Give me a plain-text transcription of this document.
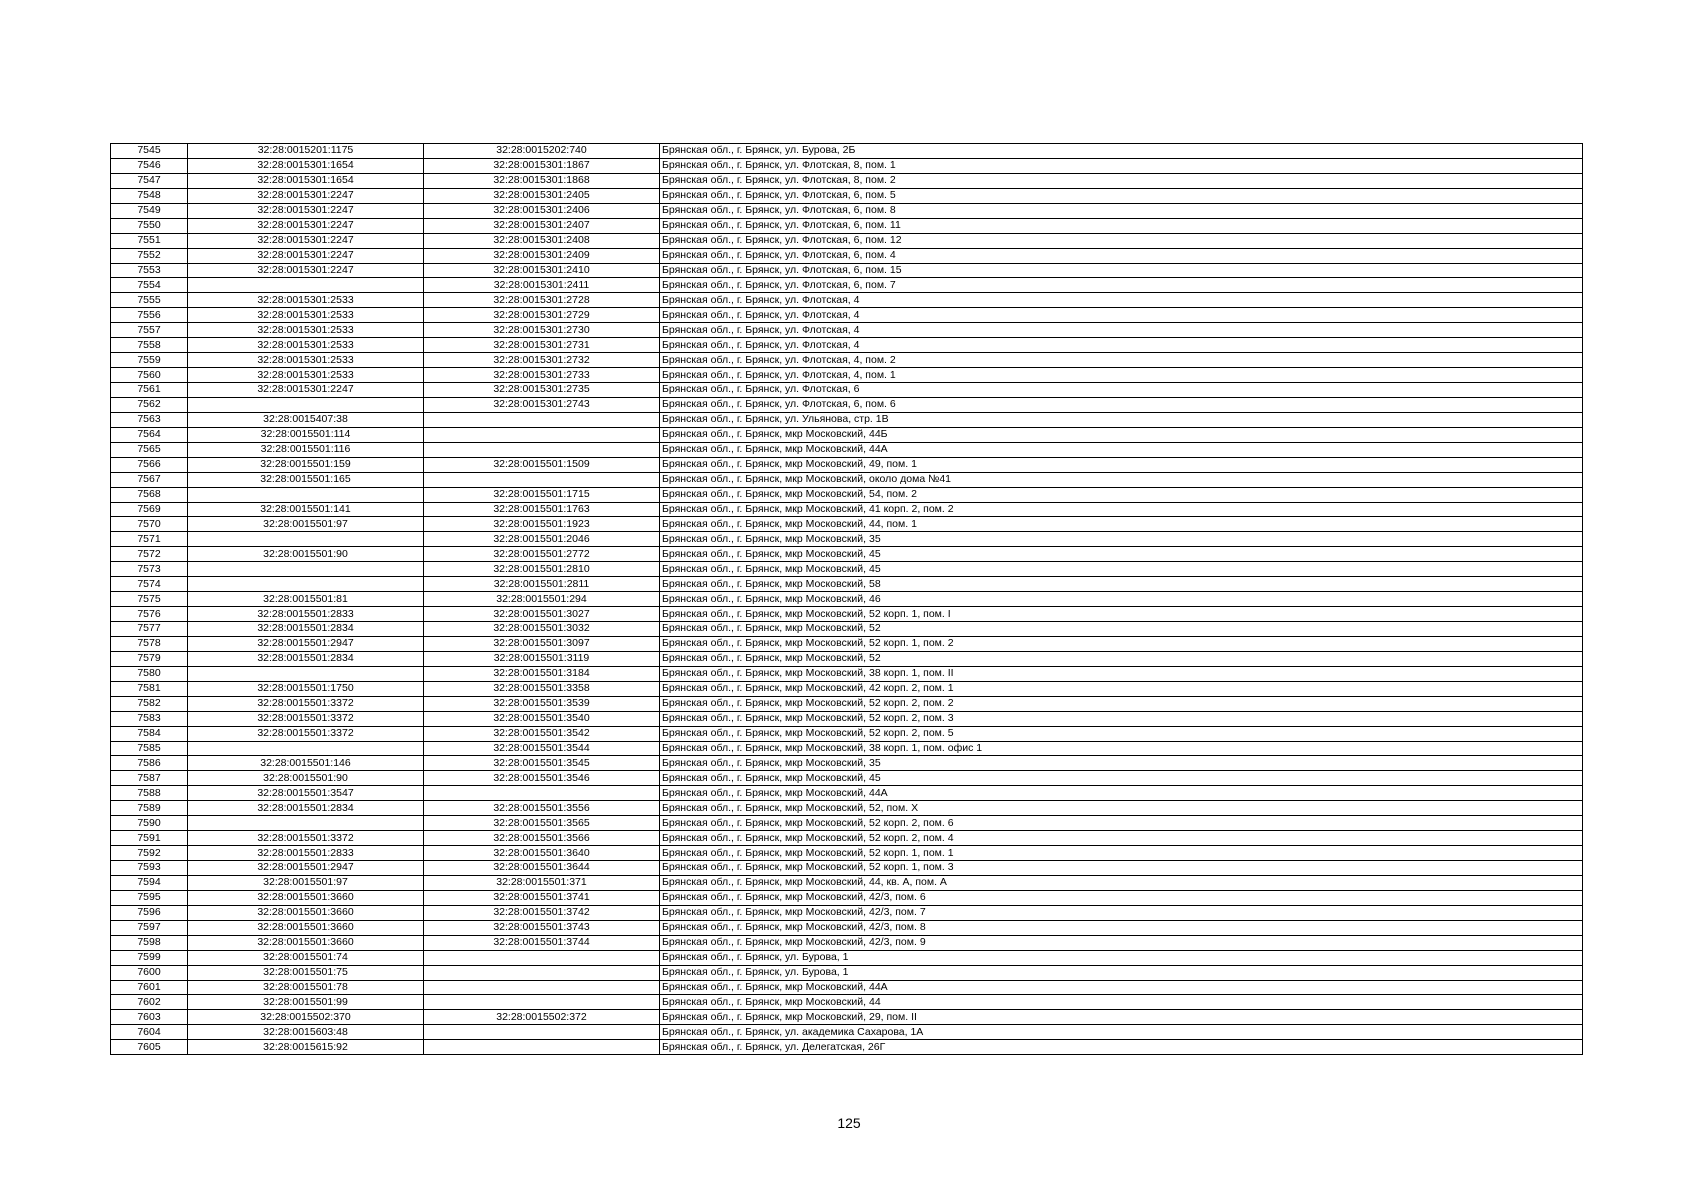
7545	32:28:0015201:1175	32:28:0015202:740	Брянская обл., г. Брянск, ул. Бурова, 2Б
7546	32:28:0015301:1654	32:28:0015301:1867	Брянская обл., г. Брянск, ул. Флотская, 8, пом. 1
7547	32:28:0015301:1654	32:28:0015301:1868	Брянская обл., г. Брянск, ул. Флотская, 8, пом. 2
7548	32:28:0015301:2247	32:28:0015301:2405	Брянская обл., г. Брянск, ул. Флотская, 6, пом. 5
7549	32:28:0015301:2247	32:28:0015301:2406	Брянская обл., г. Брянск, ул. Флотская, 6, пом. 8
7550	32:28:0015301:2247	32:28:0015301:2407	Брянская обл., г. Брянск, ул. Флотская, 6, пом. 11
7551	32:28:0015301:2247	32:28:0015301:2408	Брянская обл., г. Брянск, ул. Флотская, 6, пом. 12
7552	32:28:0015301:2247	32:28:0015301:2409	Брянская обл., г. Брянск, ул. Флотская, 6, пом. 4
7553	32:28:0015301:2247	32:28:0015301:2410	Брянская обл., г. Брянск, ул. Флотская, 6, пом. 15
7554		32:28:0015301:2411	Брянская обл., г. Брянск, ул. Флотская, 6, пом. 7
7555	32:28:0015301:2533	32:28:0015301:2728	Брянская обл., г. Брянск, ул. Флотская, 4
7556	32:28:0015301:2533	32:28:0015301:2729	Брянская обл., г. Брянск, ул. Флотская, 4
7557	32:28:0015301:2533	32:28:0015301:2730	Брянская обл., г. Брянск, ул. Флотская, 4
7558	32:28:0015301:2533	32:28:0015301:2731	Брянская обл., г. Брянск, ул. Флотская, 4
7559	32:28:0015301:2533	32:28:0015301:2732	Брянская обл., г. Брянск, ул. Флотская, 4, пом. 2
7560	32:28:0015301:2533	32:28:0015301:2733	Брянская обл., г. Брянск, ул. Флотская, 4, пом. 1
7561	32:28:0015301:2247	32:28:0015301:2735	Брянская обл., г. Брянск, ул. Флотская, 6
7562		32:28:0015301:2743	Брянская обл., г. Брянск, ул. Флотская, 6, пом. 6
7563	32:28:0015407:38		Брянская обл., г. Брянск, ул. Ульянова, стр. 1В
7564	32:28:0015501:114		Брянская обл., г. Брянск, мкр Московский, 44Б
7565	32:28:0015501:116		Брянская обл., г. Брянск, мкр Московский, 44А
7566	32:28:0015501:159	32:28:0015501:1509	Брянская обл., г. Брянск, мкр Московский, 49, пом. 1
7567	32:28:0015501:165		Брянская обл., г. Брянск, мкр Московский, около дома №41
7568		32:28:0015501:1715	Брянская обл., г. Брянск, мкр Московский, 54, пом. 2
7569	32:28:0015501:141	32:28:0015501:1763	Брянская обл., г. Брянск, мкр Московский, 41 корп. 2, пом. 2
7570	32:28:0015501:97	32:28:0015501:1923	Брянская обл., г. Брянск, мкр Московский, 44, пом. 1
7571		32:28:0015501:2046	Брянская обл., г. Брянск, мкр Московский, 35
7572	32:28:0015501:90	32:28:0015501:2772	Брянская обл., г. Брянск, мкр Московский, 45
7573		32:28:0015501:2810	Брянская обл., г. Брянск, мкр Московский, 45
7574		32:28:0015501:2811	Брянская обл., г. Брянск, мкр Московский, 58
7575	32:28:0015501:81	32:28:0015501:294	Брянская обл., г. Брянск, мкр Московский, 46
7576	32:28:0015501:2833	32:28:0015501:3027	Брянская обл., г. Брянск, мкр Московский, 52 корп. 1, пом. I
7577	32:28:0015501:2834	32:28:0015501:3032	Брянская обл., г. Брянск, мкр Московский, 52
7578	32:28:0015501:2947	32:28:0015501:3097	Брянская обл., г. Брянск, мкр Московский, 52 корп. 1, пом. 2
7579	32:28:0015501:2834	32:28:0015501:3119	Брянская обл., г. Брянск, мкр Московский, 52
7580		32:28:0015501:3184	Брянская обл., г. Брянск, мкр Московский, 38 корп. 1, пом. II
7581	32:28:0015501:1750	32:28:0015501:3358	Брянская обл., г. Брянск, мкр Московский, 42 корп. 2, пом. 1
7582	32:28:0015501:3372	32:28:0015501:3539	Брянская обл., г. Брянск, мкр Московский, 52 корп. 2, пом. 2
7583	32:28:0015501:3372	32:28:0015501:3540	Брянская обл., г. Брянск, мкр Московский, 52 корп. 2, пом. 3
7584	32:28:0015501:3372	32:28:0015501:3542	Брянская обл., г. Брянск, мкр Московский, 52 корп. 2, пом. 5
7585		32:28:0015501:3544	Брянская обл., г. Брянск, мкр Московский, 38 корп. 1, пом. офис 1
7586	32:28:0015501:146	32:28:0015501:3545	Брянская обл., г. Брянск, мкр Московский, 35
7587	32:28:0015501:90	32:28:0015501:3546	Брянская обл., г. Брянск, мкр Московский, 45
7588	32:28:0015501:3547		Брянская обл., г. Брянск, мкр Московский, 44А
7589	32:28:0015501:2834	32:28:0015501:3556	Брянская обл., г. Брянск, мкр Московский, 52, пом. X
7590		32:28:0015501:3565	Брянская обл., г. Брянск, мкр Московский, 52 корп. 2, пом. 6
7591	32:28:0015501:3372	32:28:0015501:3566	Брянская обл., г. Брянск, мкр Московский, 52 корп. 2, пом. 4
7592	32:28:0015501:2833	32:28:0015501:3640	Брянская обл., г. Брянск, мкр Московский, 52 корп. 1, пом. 1
7593	32:28:0015501:2947	32:28:0015501:3644	Брянская обл., г. Брянск, мкр Московский, 52 корп. 1, пом. 3
7594	32:28:0015501:97	32:28:0015501:371	Брянская обл., г. Брянск, мкр Московский, 44, кв. А, пом. А
7595	32:28:0015501:3660	32:28:0015501:3741	Брянская обл., г. Брянск, мкр Московский, 42/3, пом. 6
7596	32:28:0015501:3660	32:28:0015501:3742	Брянская обл., г. Брянск, мкр Московский, 42/3, пом. 7
7597	32:28:0015501:3660	32:28:0015501:3743	Брянская обл., г. Брянск, мкр Московский, 42/3, пом. 8
7598	32:28:0015501:3660	32:28:0015501:3744	Брянская обл., г. Брянск, мкр Московский, 42/3, пом. 9
7599	32:28:0015501:74		Брянская обл., г. Брянск, ул. Бурова, 1
7600	32:28:0015501:75		Брянская обл., г. Брянск, ул. Бурова, 1
7601	32:28:0015501:78		Брянская обл., г. Брянск, мкр Московский, 44А
7602	32:28:0015501:99		Брянская обл., г. Брянск, мкр Московский, 44
7603	32:28:0015502:370	32:28:0015502:372	Брянская обл., г. Брянск, мкр Московский, 29, пом. II
7604	32:28:0015603:48		Брянская обл., г. Брянск, ул. академика Сахарова, 1А
7605	32:28:0015615:92		Брянская обл., г. Брянск, ул. Делегатская, 26Г
125
